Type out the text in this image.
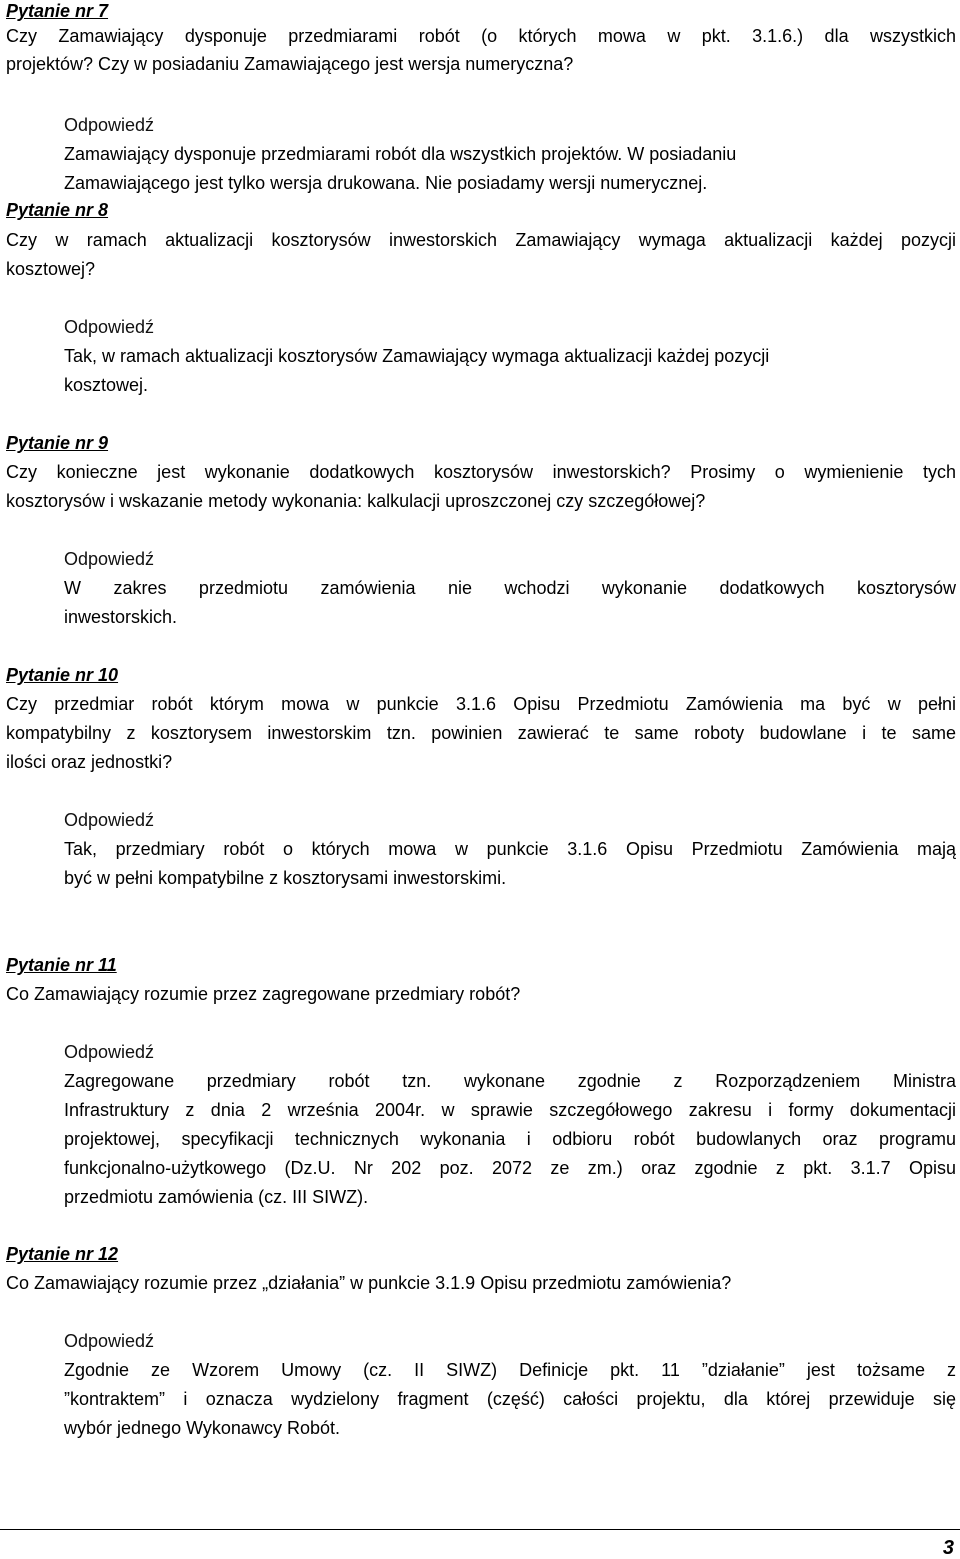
Pytanie nr 7
Czy Zamawiający dysponuje przedmiarami robót (o których mowa w pkt. 3.1.6.) dla wszystkich
projektów? Czy w posiadaniu Zamawiającego jest wersja numeryczna?
Odpowiedź
Zamawiający dysponuje przedmiarami robót dla wszystkich projektów. W posiadaniu
Zamawiającego jest tylko wersja drukowana. Nie posiadamy wersji numerycznej.
Pytanie nr 8
Czy w ramach aktualizacji kosztorysów inwestorskich Zamawiający wymaga aktualizacji każdej pozycji
kosztowej?
Odpowiedź
Tak, w ramach aktualizacji kosztorysów Zamawiający wymaga aktualizacji każdej pozycji
kosztowej.
Pytanie nr 9
Czy konieczne jest wykonanie dodatkowych kosztorysów inwestorskich? Prosimy o wymienienie tych
kosztorysów i wskazanie metody wykonania: kalkulacji uproszczonej czy szczegółowej?
Odpowiedź
W zakres przedmiotu zamówienia nie wchodzi wykonanie dodatkowych kosztorysów
inwestorskich.
Pytanie nr 10
Czy przedmiar robót którym mowa w punkcie 3.1.6 Opisu Przedmiotu Zamówienia ma być w pełni
kompatybilny z kosztorysem inwestorskim tzn. powinien zawierać te same roboty budowlane i te same
ilości oraz jednostki?
Odpowiedź
Tak, przedmiary robót o których mowa w punkcie 3.1.6 Opisu Przedmiotu Zamówienia mają
być w pełni kompatybilne z kosztorysami inwestorskimi.
Pytanie nr 11
Co Zamawiający rozumie przez zagregowane przedmiary robót?
Odpowiedź
Zagregowane przedmiary robót tzn. wykonane zgodnie z Rozporządzeniem Ministra
Infrastruktury z dnia 2 września 2004r. w sprawie szczegółowego zakresu i formy dokumentacji
projektowej, specyfikacji technicznych wykonania i odbioru robót budowlanych oraz programu
funkcjonalno-użytkowego (Dz.U. Nr 202 poz. 2072 ze zm.) oraz zgodnie z pkt. 3.1.7 Opisu
przedmiotu zamówienia (cz. III SIWZ).
Pytanie nr 12
Co Zamawiający rozumie przez „działania” w punkcie 3.1.9 Opisu przedmiotu zamówienia?
Odpowiedź
Zgodnie ze Wzorem Umowy (cz. II SIWZ) Definicje pkt. 11 ”działanie” jest tożsame z
”kontraktem” i oznacza wydzielony fragment (część) całości projektu, dla której przewiduje się
wybór jednego Wykonawcy Robót.
3
